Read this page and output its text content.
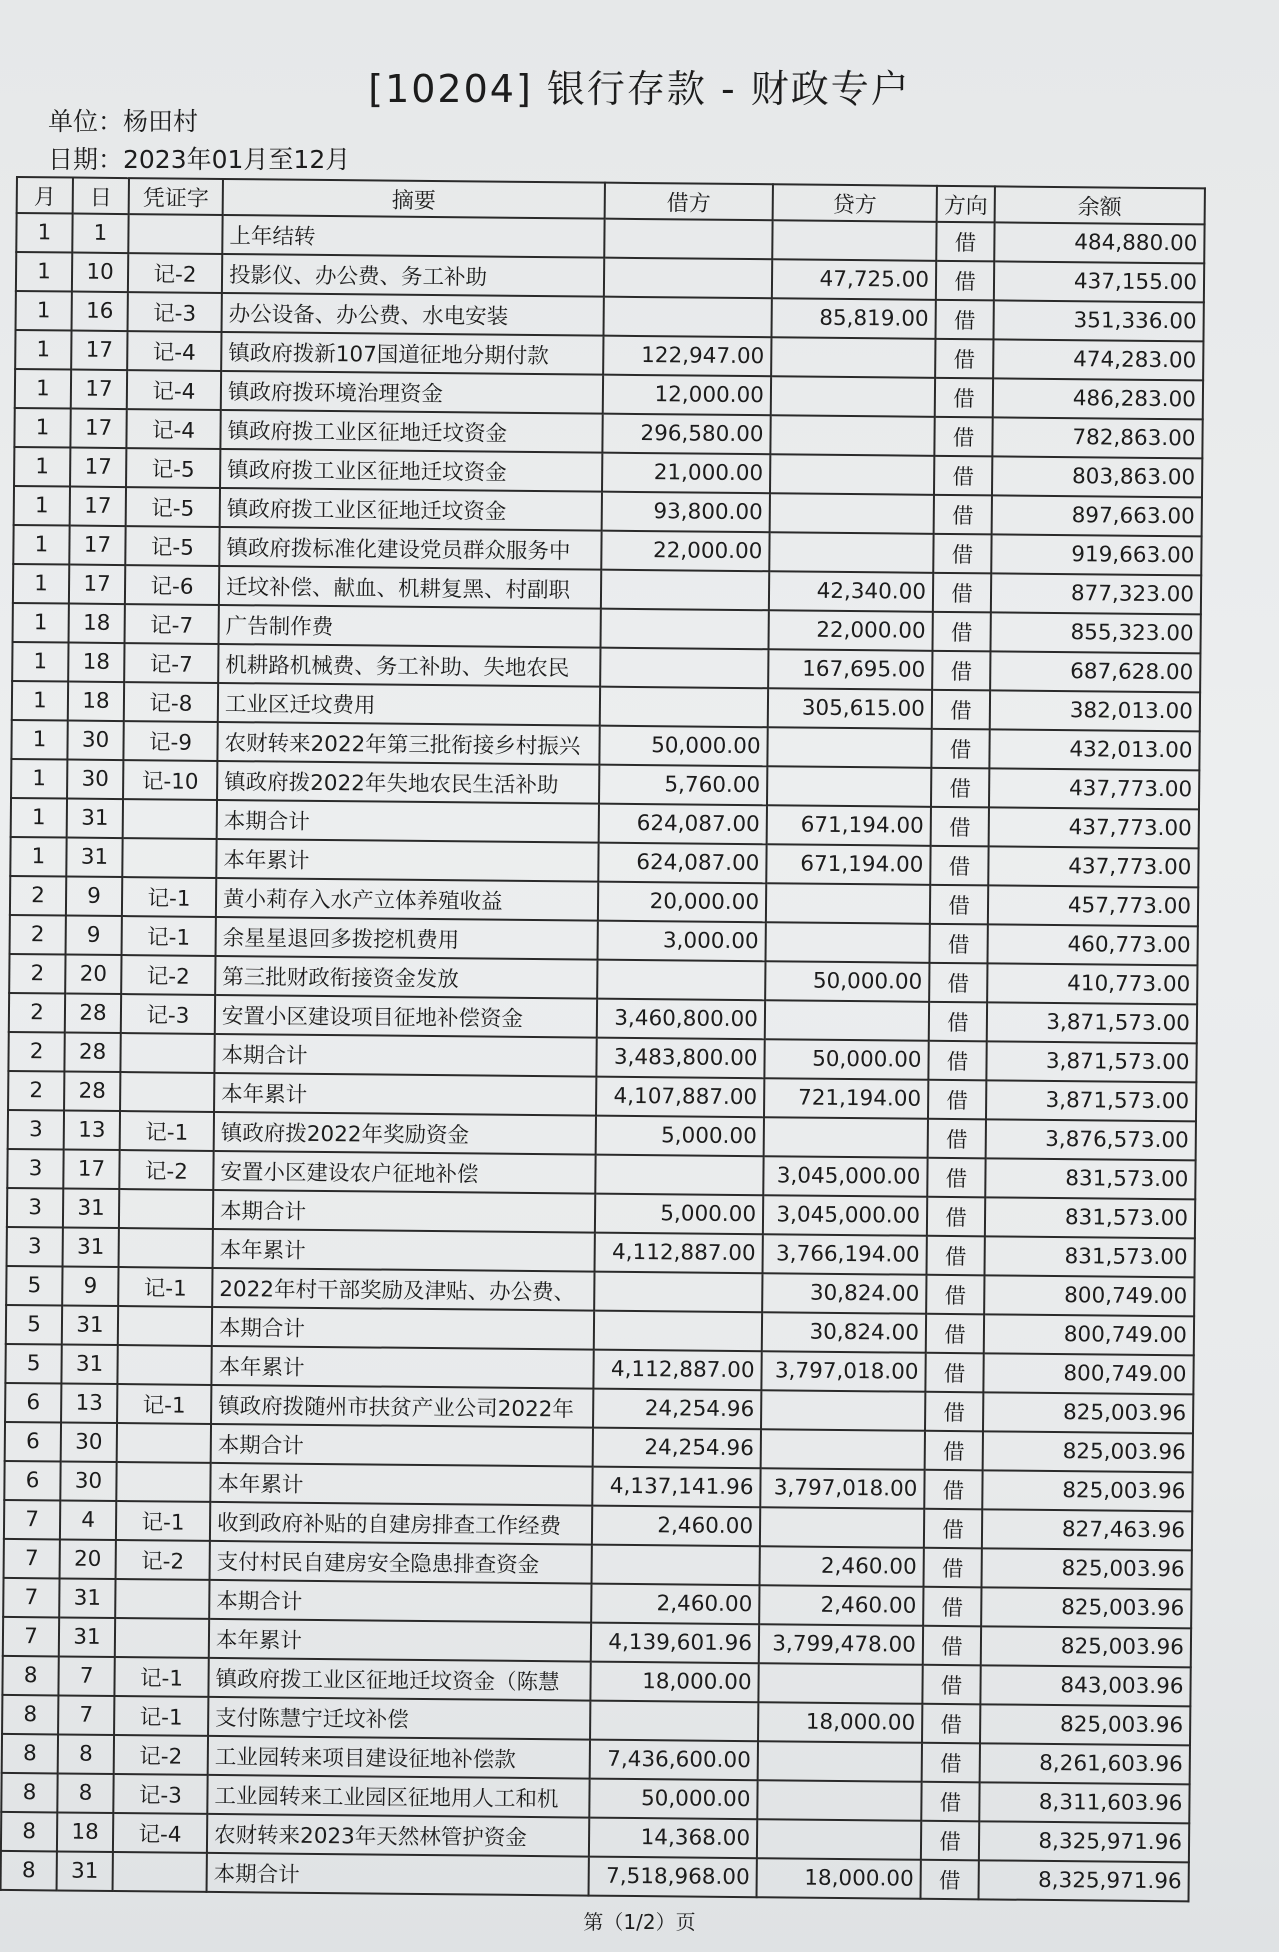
[10204] 银行存款 - 财政专户
单位：杨田村
日期：2023年01月至12月
月	日	凭证字	摘要	借方	贷方	方向	余额
1	1		上年结转			借	484,880.00
1	10	记-2	投影仪、办公费、务工补助		47,725.00	借	437,155.00
1	16	记-3	办公设备、办公费、水电安装		85,819.00	借	351,336.00
1	17	记-4	镇政府拨新107国道征地分期付款	122,947.00		借	474,283.00
1	17	记-4	镇政府拨环境治理资金	12,000.00		借	486,283.00
1	17	记-4	镇政府拨工业区征地迁坟资金	296,580.00		借	782,863.00
1	17	记-5	镇政府拨工业区征地迁坟资金	21,000.00		借	803,863.00
1	17	记-5	镇政府拨工业区征地迁坟资金	93,800.00		借	897,663.00
1	17	记-5	镇政府拨标准化建设党员群众服务中	22,000.00		借	919,663.00
1	17	记-6	迁坟补偿、献血、机耕复黑、村副职		42,340.00	借	877,323.00
1	18	记-7	广告制作费		22,000.00	借	855,323.00
1	18	记-7	机耕路机械费、务工补助、失地农民		167,695.00	借	687,628.00
1	18	记-8	工业区迁坟费用		305,615.00	借	382,013.00
1	30	记-9	农财转来2022年第三批衔接乡村振兴	50,000.00		借	432,013.00
1	30	记-10	镇政府拨2022年失地农民生活补助	5,760.00		借	437,773.00
1	31		本期合计	624,087.00	671,194.00	借	437,773.00
1	31		本年累计	624,087.00	671,194.00	借	437,773.00
2	9	记-1	黄小莉存入水产立体养殖收益	20,000.00		借	457,773.00
2	9	记-1	余星星退回多拨挖机费用	3,000.00		借	460,773.00
2	20	记-2	第三批财政衔接资金发放		50,000.00	借	410,773.00
2	28	记-3	安置小区建设项目征地补偿资金	3,460,800.00		借	3,871,573.00
2	28		本期合计	3,483,800.00	50,000.00	借	3,871,573.00
2	28		本年累计	4,107,887.00	721,194.00	借	3,871,573.00
3	13	记-1	镇政府拨2022年奖励资金	5,000.00		借	3,876,573.00
3	17	记-2	安置小区建设农户征地补偿		3,045,000.00	借	831,573.00
3	31		本期合计	5,000.00	3,045,000.00	借	831,573.00
3	31		本年累计	4,112,887.00	3,766,194.00	借	831,573.00
5	9	记-1	2022年村干部奖励及津贴、办公费、		30,824.00	借	800,749.00
5	31		本期合计		30,824.00	借	800,749.00
5	31		本年累计	4,112,887.00	3,797,018.00	借	800,749.00
6	13	记-1	镇政府拨随州市扶贫产业公司2022年	24,254.96		借	825,003.96
6	30		本期合计	24,254.96		借	825,003.96
6	30		本年累计	4,137,141.96	3,797,018.00	借	825,003.96
7	4	记-1	收到政府补贴的自建房排查工作经费	2,460.00		借	827,463.96
7	20	记-2	支付村民自建房安全隐患排查资金		2,460.00	借	825,003.96
7	31		本期合计	2,460.00	2,460.00	借	825,003.96
7	31		本年累计	4,139,601.96	3,799,478.00	借	825,003.96
8	7	记-1	镇政府拨工业区征地迁坟资金（陈慧	18,000.00		借	843,003.96
8	7	记-1	支付陈慧宁迁坟补偿		18,000.00	借	825,003.96
8	8	记-2	工业园转来项目建设征地补偿款	7,436,600.00		借	8,261,603.96
8	8	记-3	工业园转来工业园区征地用人工和机	50,000.00		借	8,311,603.96
8	18	记-4	农财转来2023年天然林管护资金	14,368.00		借	8,325,971.96
8	31		本期合计	7,518,968.00	18,000.00	借	8,325,971.96
第（1/2）页
